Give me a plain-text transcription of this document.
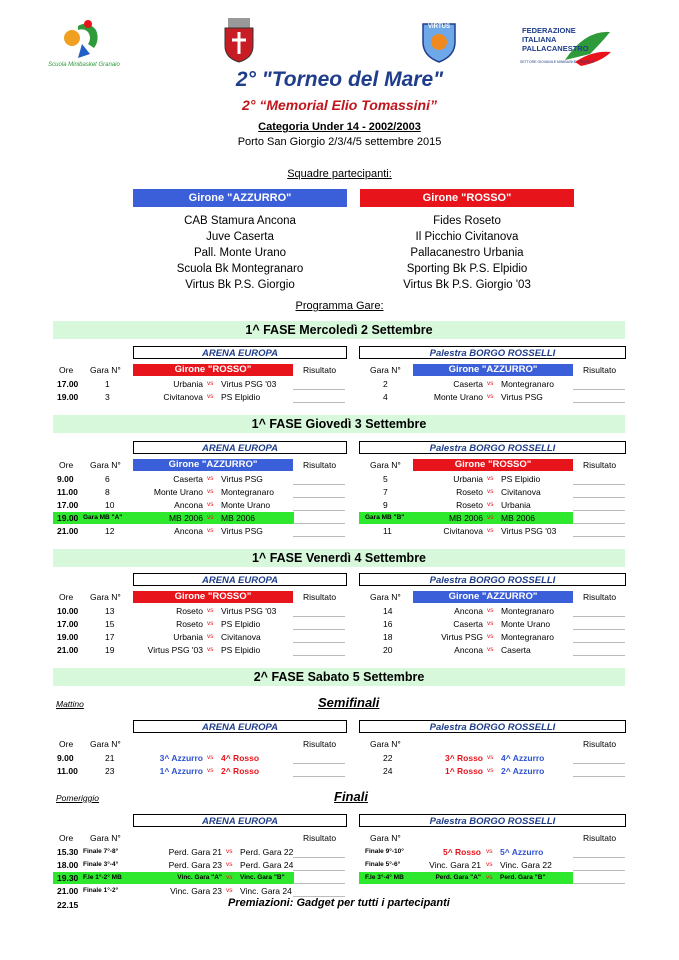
Scuola Minibasket Granaio
VIRTUS	FEDERAZIONE ITALIANA PALLACANESTRO
SETTORE GIOVANILE MINIBASKET SCUOLA
2° "Torneo del Mare"
2° “Memorial Elio Tomassini”
Categoria Under 14 - 2002/2003
Porto San Giorgio 2/3/4/5 settembre 2015
Squadre partecipanti:
Girone "AZZURRO"	Girone "ROSSO"
CAB Stamura Ancona
Juve Caserta
Pall. Monte Urano
Scuola Bk Montegranaro
Virtus Bk P.S. Giorgio
Fides Roseto
Il Picchio Civitanova
Pallacanestro Urbania
Sporting Bk P.S. Elpidio
Virtus Bk P.S. Giorgio '03
Programma Gare:
1^ FASE Mercoledì 2 Settembre
ARENA EUROPA	Palestra BORGO ROSSELLI
Ore Gara N°	Risultato	Gara N°	Risultato
Girone "ROSSO”	Girone "AZZURRO"
17.00	1	Urbania vs Virtus PSG '03
19.00	3	Civitanova vs PS Elpidio
2	Caserta vs Montegranaro
4	Monte Urano vs Virtus PSG
1^ FASE Giovedì 3 Settembre
ARENA EUROPA	Palestra BORGO ROSSELLI
Ore Gara N°	Risultato	Gara N°	Risultato
Girone "AZZURRO"	Girone "ROSSO"
9.00	6	Caserta vs Virtus PSG
11.00	8	Monte Urano vs Montegranaro
17.00	10	Ancona vs Monte Urano
19.00 Gara MB "A"	MB 2006 vs MB 2006
21.00	12	Ancona vs Virtus PSG
5	Urbania vs PS Elpidio
7	Roseto vs Civitanova
9	Roseto vs Urbania
Gara MB "B"	MB 2006 vs MB 2006
11	Civitanova vs Virtus PSG '03
1^ FASE Venerdì 4 Settembre
ARENA EUROPA	Palestra BORGO ROSSELLI
Ore Gara N°	Risultato	Gara N°	Risultato
Girone "ROSSO”	Girone "AZZURRO"
10.00	13	Roseto vs Virtus PSG '03
17.00	15	Roseto vs PS Elpidio
19.00	17	Urbania vs Civitanova
21.00	19	Virtus PSG '03 vs PS Elpidio
14	Ancona vs Montegranaro
16	Caserta vs Monte Urano
18	Virtus PSG vs Montegranaro
20	Ancona vs Caserta
2^ FASE Sabato 5 Settembre
Mattino	Semifinali
ARENA EUROPA	Palestra BORGO ROSSELLI
Ore Gara N°	Risultato	Gara N°	Risultato
9.00	21	3^ Azzurro vs 4^ Rosso
11.00	23	1^ Azzurro vs 2^ Rosso
22	3^ Rosso vs 4^ Azzurro
24	1^ Rosso vs 2^ Azzurro
Pomeriggio	Finali
ARENA EUROPA	Palestra BORGO ROSSELLI
Ore Gara N°	Risultato	Gara N°	Risultato
15.30 Finale 7°-8°	Perd. Gara 21 vs Perd. Gara 22
18.00 Finale 3°-4°	Perd. Gara 23 vs Perd. Gara 24
19.30 F.le 1°-2° MB	Vinc. Gara "A" vs Vinc. Gara "B"
21.00 Finale 1°-2°	Vinc. Gara 23 vs Vinc. Gara 24
Finale 9°-10°	5^ Rosso vs 5^ Azzurro
Finale 5°-6°	Vinc. Gara 21 vs Vinc. Gara 22
F.le 3°-4° MB	Perd. Gara "A" vs Perd. Gara "B"
22.15	Premiazioni: Gadget per tutti i partecipanti
